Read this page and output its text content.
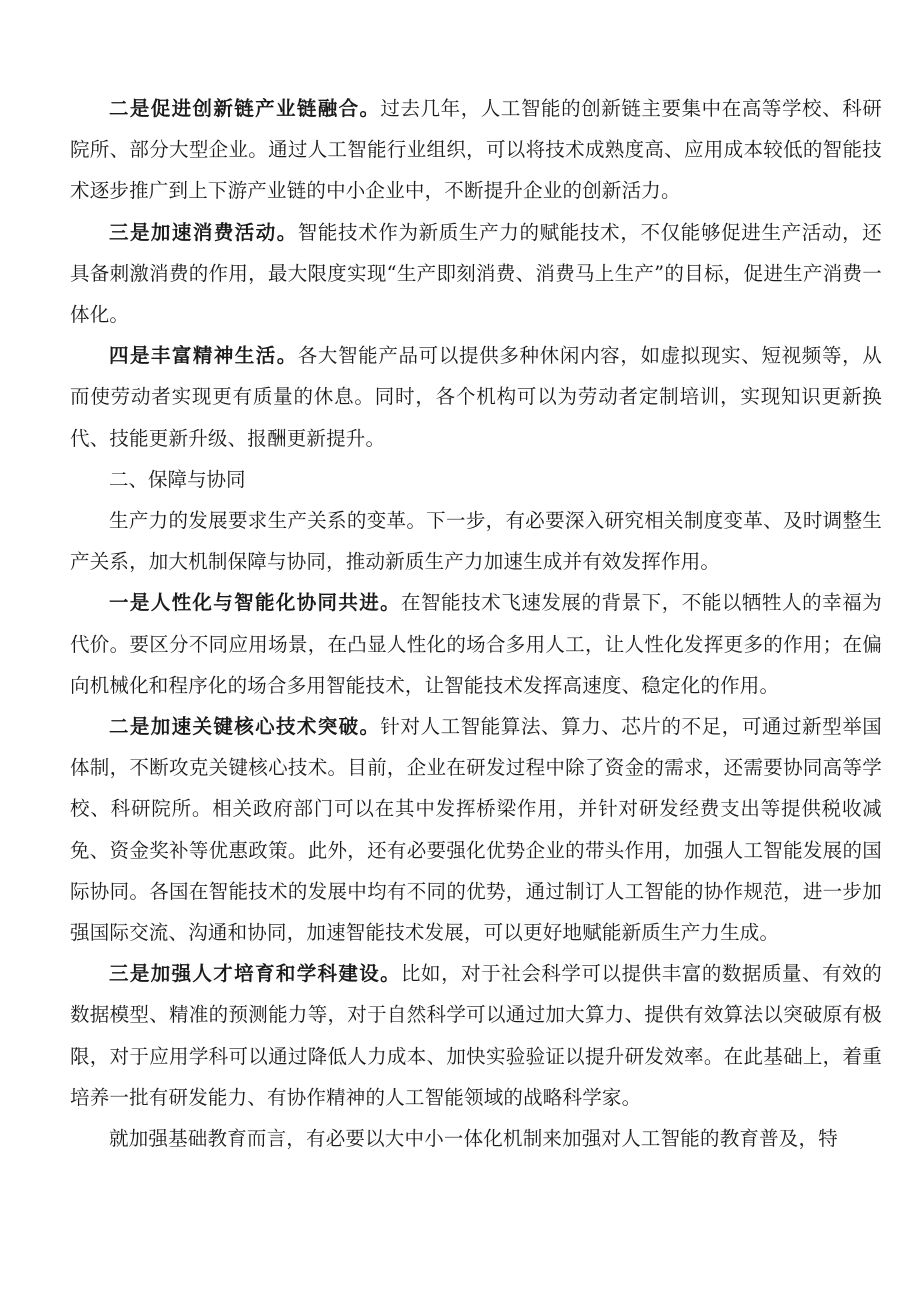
二是促进创新链产业链融合。过去几年，人工智能的创新链主要集中在高等学校、科研院所、部分大型企业。通过人工智能行业组织，可以将技术成熟度高、应用成本较低的智能技术逐步推广到上下游产业链的中小企业中，不断提升企业的创新活力。

三是加速消费活动。智能技术作为新质生产力的赋能技术，不仅能够促进生产活动，还具备刺激消费的作用，最大限度实现“生产即刻消费、消费马上生产”的目标，促进生产消费一体化。

四是丰富精神生活。各大智能产品可以提供多种休闲内容，如虚拟现实、短视频等，从而使劳动者实现更有质量的休息。同时，各个机构可以为劳动者定制培训，实现知识更新换代、技能更新升级、报酬更新提升。

二、保障与协同

生产力的发展要求生产关系的变革。下一步，有必要深入研究相关制度变革、及时调整生产关系，加大机制保障与协同，推动新质生产力加速生成并有效发挥作用。

一是人性化与智能化协同共进。在智能技术飞速发展的背景下，不能以牺牲人的幸福为代价。要区分不同应用场景，在凸显人性化的场合多用人工，让人性化发挥更多的作用；在偏向机械化和程序化的场合多用智能技术，让智能技术发挥高速度、稳定化的作用。

二是加速关键核心技术突破。针对人工智能算法、算力、芯片的不足，可通过新型举国体制，不断攻克关键核心技术。目前，企业在研发过程中除了资金的需求，还需要协同高等学校、科研院所。相关政府部门可以在其中发挥桥梁作用，并针对研发经费支出等提供税收减免、资金奖补等优惠政策。此外，还有必要强化优势企业的带头作用，加强人工智能发展的国际协同。各国在智能技术的发展中均有不同的优势，通过制订人工智能的协作规范，进一步加强国际交流、沟通和协同，加速智能技术发展，可以更好地赋能新质生产力生成。

三是加强人才培育和学科建设。比如，对于社会科学可以提供丰富的数据质量、有效的数据模型、精准的预测能力等，对于自然科学可以通过加大算力、提供有效算法以突破原有极限，对于应用学科可以通过降低人力成本、加快实验验证以提升研发效率。在此基础上，着重培养一批有研发能力、有协作精神的人工智能领域的战略科学家。

就加强基础教育而言，有必要以大中小一体化机制来加强对人工智能的教育普及，特
